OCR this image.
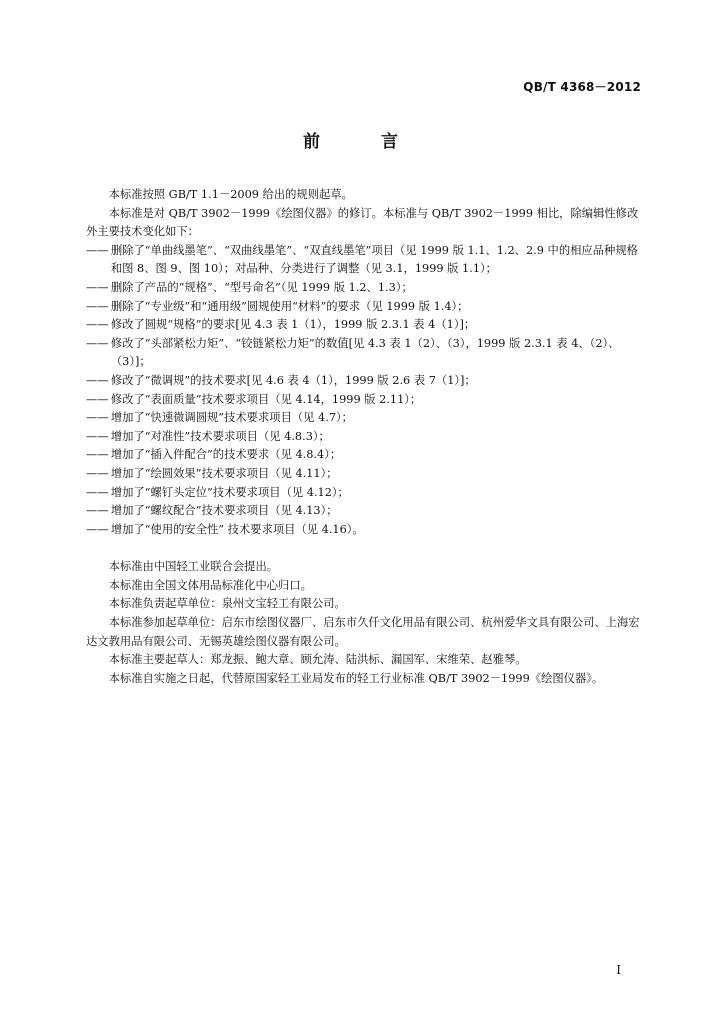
QB/T 4368－2012
前　言

本标准按照 GB/T 1.1－2009 给出的规则起草。

本标准是对 QB/T 3902－1999《绘图仪器》的修订。本标准与 QB/T 3902－1999 相比，除编辑性修改外主要技术变化如下：

—— 删除了“单曲线墨笔”、“双曲线墨笔”、“双直线墨笔”项目（见 1999 版 1.1、1.2、2.9 中的相应品种规格和图 8、图 9、图 10）；对品种、分类进行了调整（见 3.1，1999 版 1.1）；

—— 删除了产品的“规格”、“型号命名”（见 1999 版 1.2、1.3）；

—— 删除了“专业级”和“通用级”圆规使用“材料”的要求（见 1999 版 1.4）；

—— 修改了圆规“规格”的要求[见 4.3 表 1（1），1999 版 2.3.1 表 4（1）]；

—— 修改了“头部紧松力矩”、“铰链紧松力矩”的数值[见 4.3 表 1（2）、（3），1999 版 2.3.1 表 4、（2）、（3）]；

—— 修改了“微调规”的技术要求[见 4.6 表 4（1），1999 版 2.6 表 7（1）]；

—— 修改了“表面质量”技术要求项目（见 4.14，1999 版 2.11）；

—— 增加了“快速微调圆规”技术要求项目（见 4.7）；

—— 增加了“对准性”技术要求项目（见 4.8.3）；

—— 增加了“插入件配合”的技术要求（见 4.8.4）；

—— 增加了“绘圆效果”技术要求项目（见 4.11）；

—— 增加了“螺钉头定位”技术要求项目（见 4.12）；

—— 增加了“螺纹配合”技术要求项目（见 4.13）；

—— 增加了“使用的安全性” 技术要求项目（见 4.16）。

本标准由中国轻工业联合会提出。

本标准由全国文体用品标准化中心归口。

本标准负责起草单位：泉州文宝轻工有限公司。

本标准参加起草单位：启东市绘图仪器厂、启东市久仟文化用品有限公司、杭州爱华文具有限公司、上海宏达文教用品有限公司、无锡英雄绘图仪器有限公司。

本标准主要起草人：郑龙振、鲍大章、顾允涛、陆洪标、漏国军、宋维荣、赵雅琴。

本标准自实施之日起，代替原国家轻工业局发布的轻工行业标准 QB/T 3902－1999《绘图仪器》。

I
